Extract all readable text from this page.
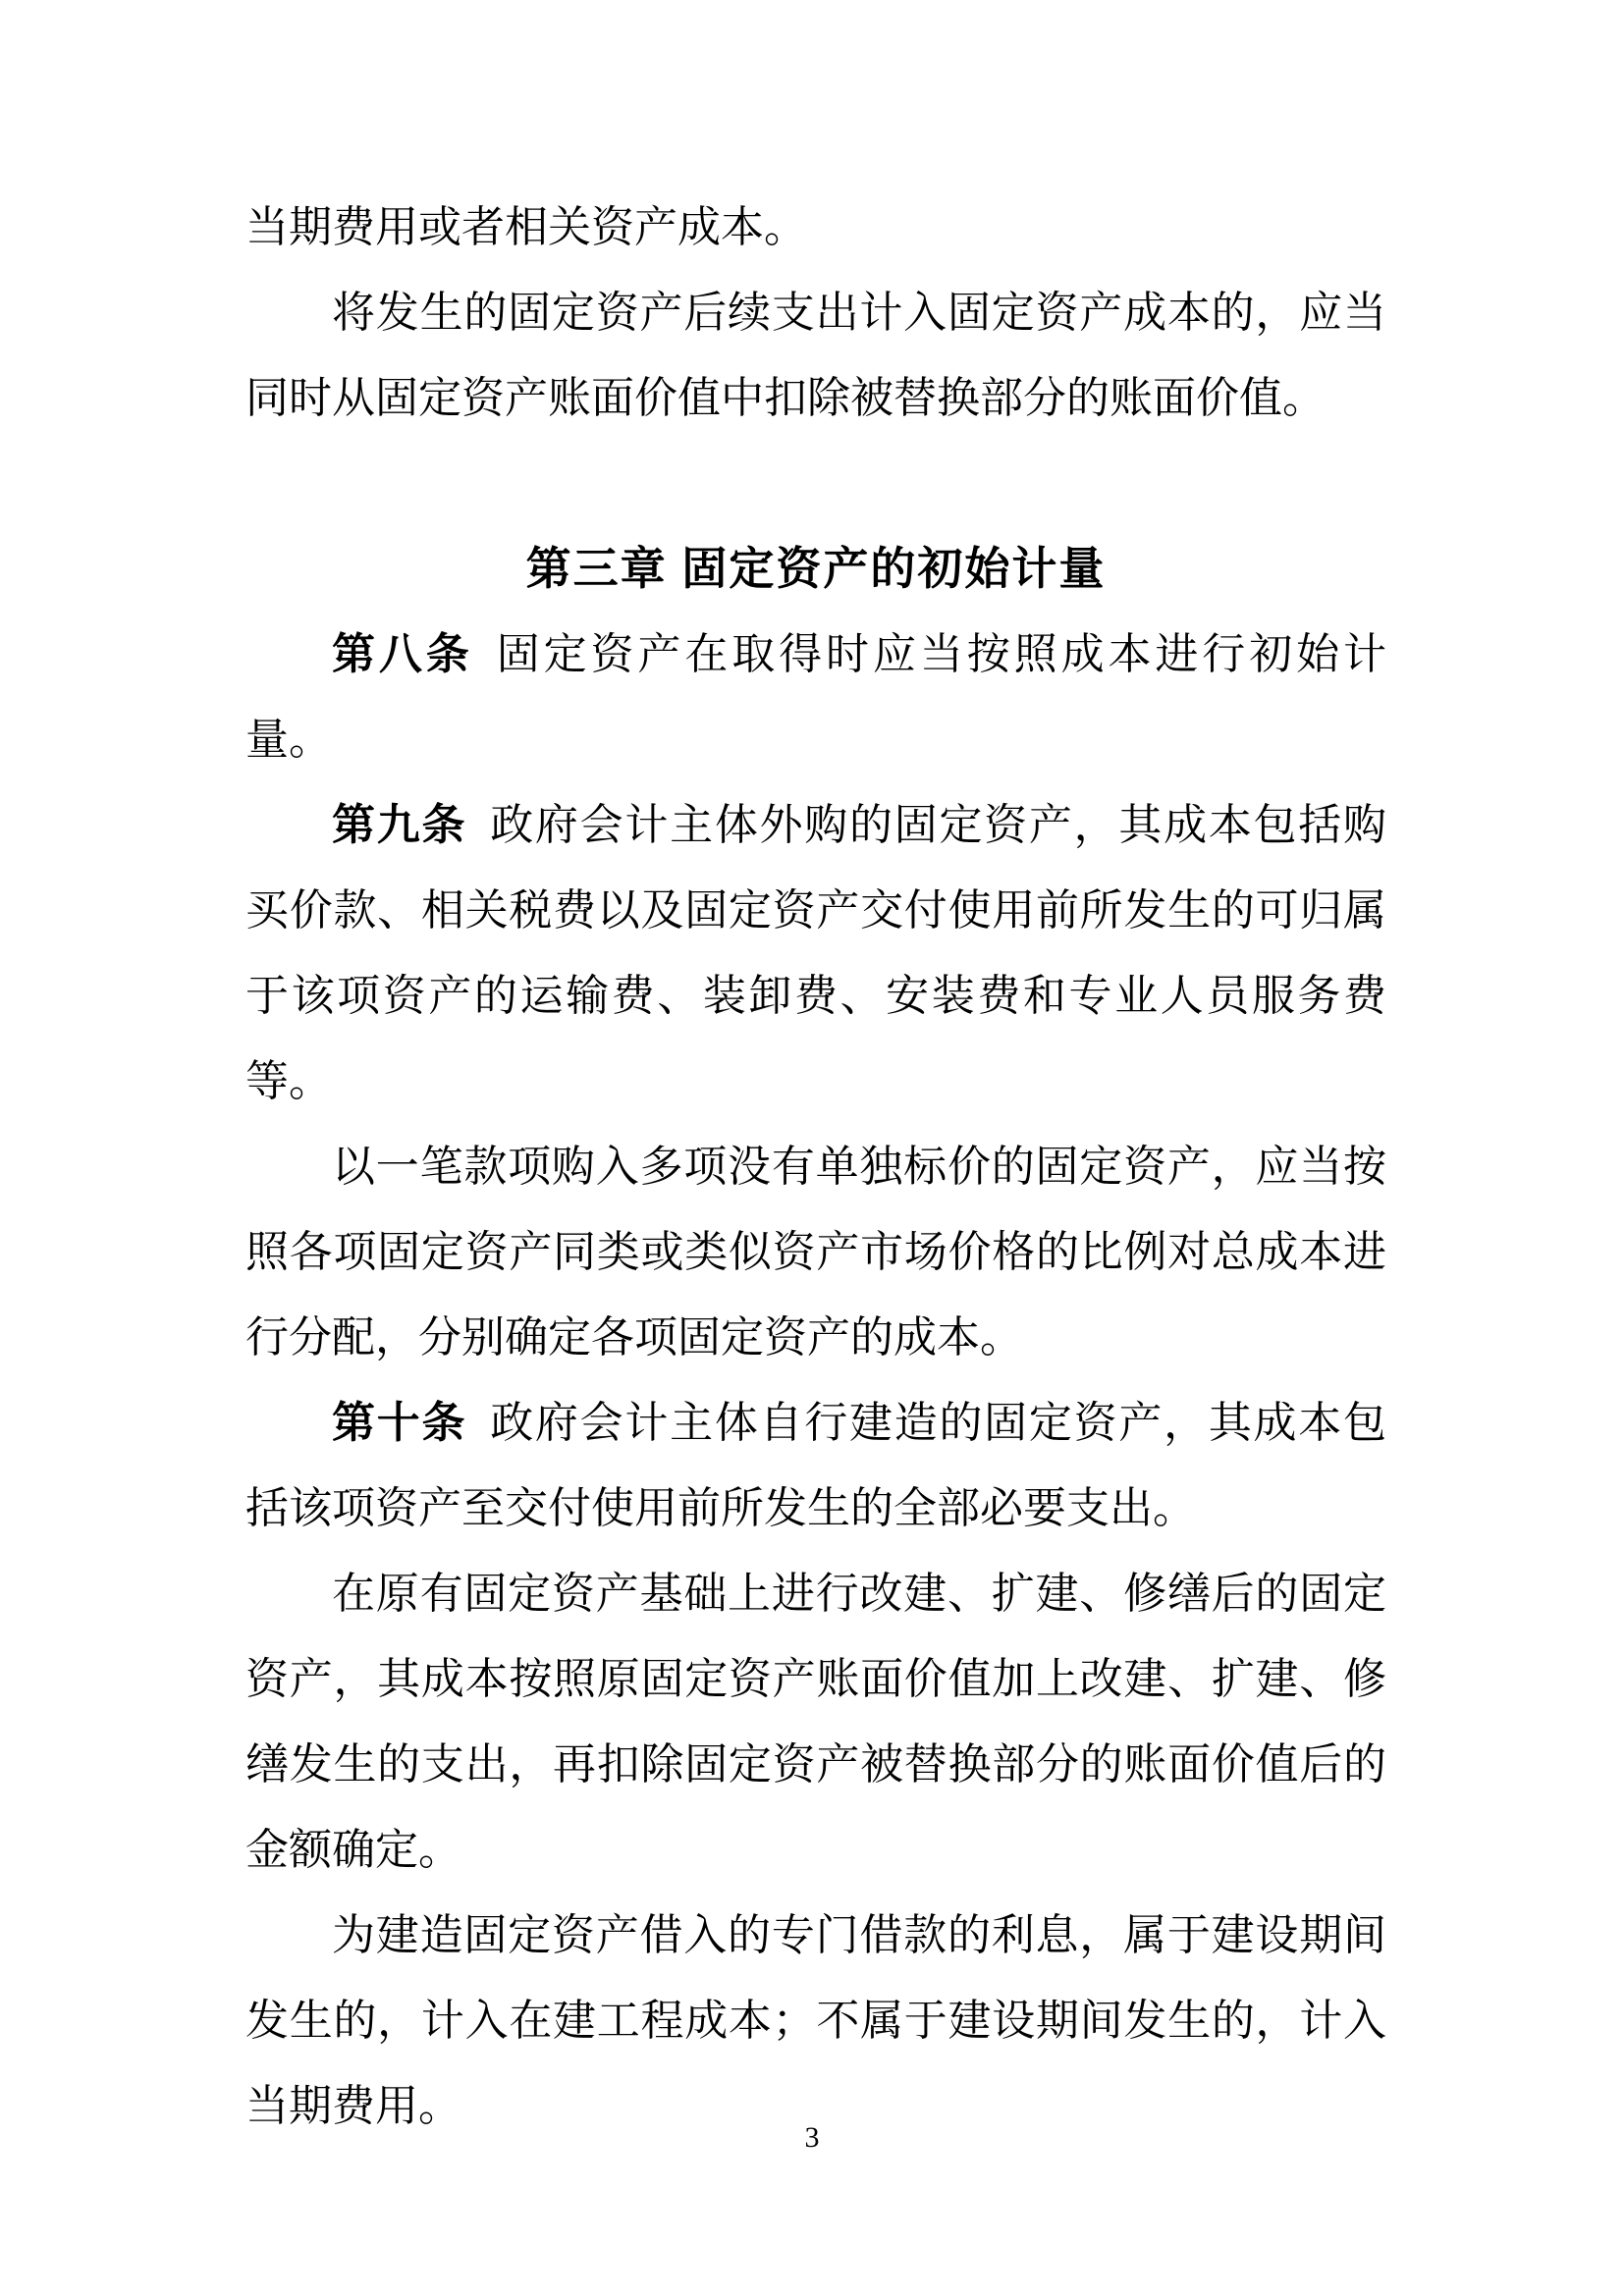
当期费用或者相关资产成本。

将发生的固定资产后续支出计入固定资产成本的，应当同时从固定资产账面价值中扣除被替换部分的账面价值。

第三章 固定资产的初始计量

第八条 固定资产在取得时应当按照成本进行初始计量。

第九条 政府会计主体外购的固定资产，其成本包括购买价款、相关税费以及固定资产交付使用前所发生的可归属于该项资产的运输费、装卸费、安装费和专业人员服务费等。

以一笔款项购入多项没有单独标价的固定资产，应当按照各项固定资产同类或类似资产市场价格的比例对总成本进行分配，分别确定各项固定资产的成本。

第十条 政府会计主体自行建造的固定资产，其成本包括该项资产至交付使用前所发生的全部必要支出。

在原有固定资产基础上进行改建、扩建、修缮后的固定资产，其成本按照原固定资产账面价值加上改建、扩建、修缮发生的支出，再扣除固定资产被替换部分的账面价值后的金额确定。

为建造固定资产借入的专门借款的利息，属于建设期间发生的，计入在建工程成本；不属于建设期间发生的，计入当期费用。

3
